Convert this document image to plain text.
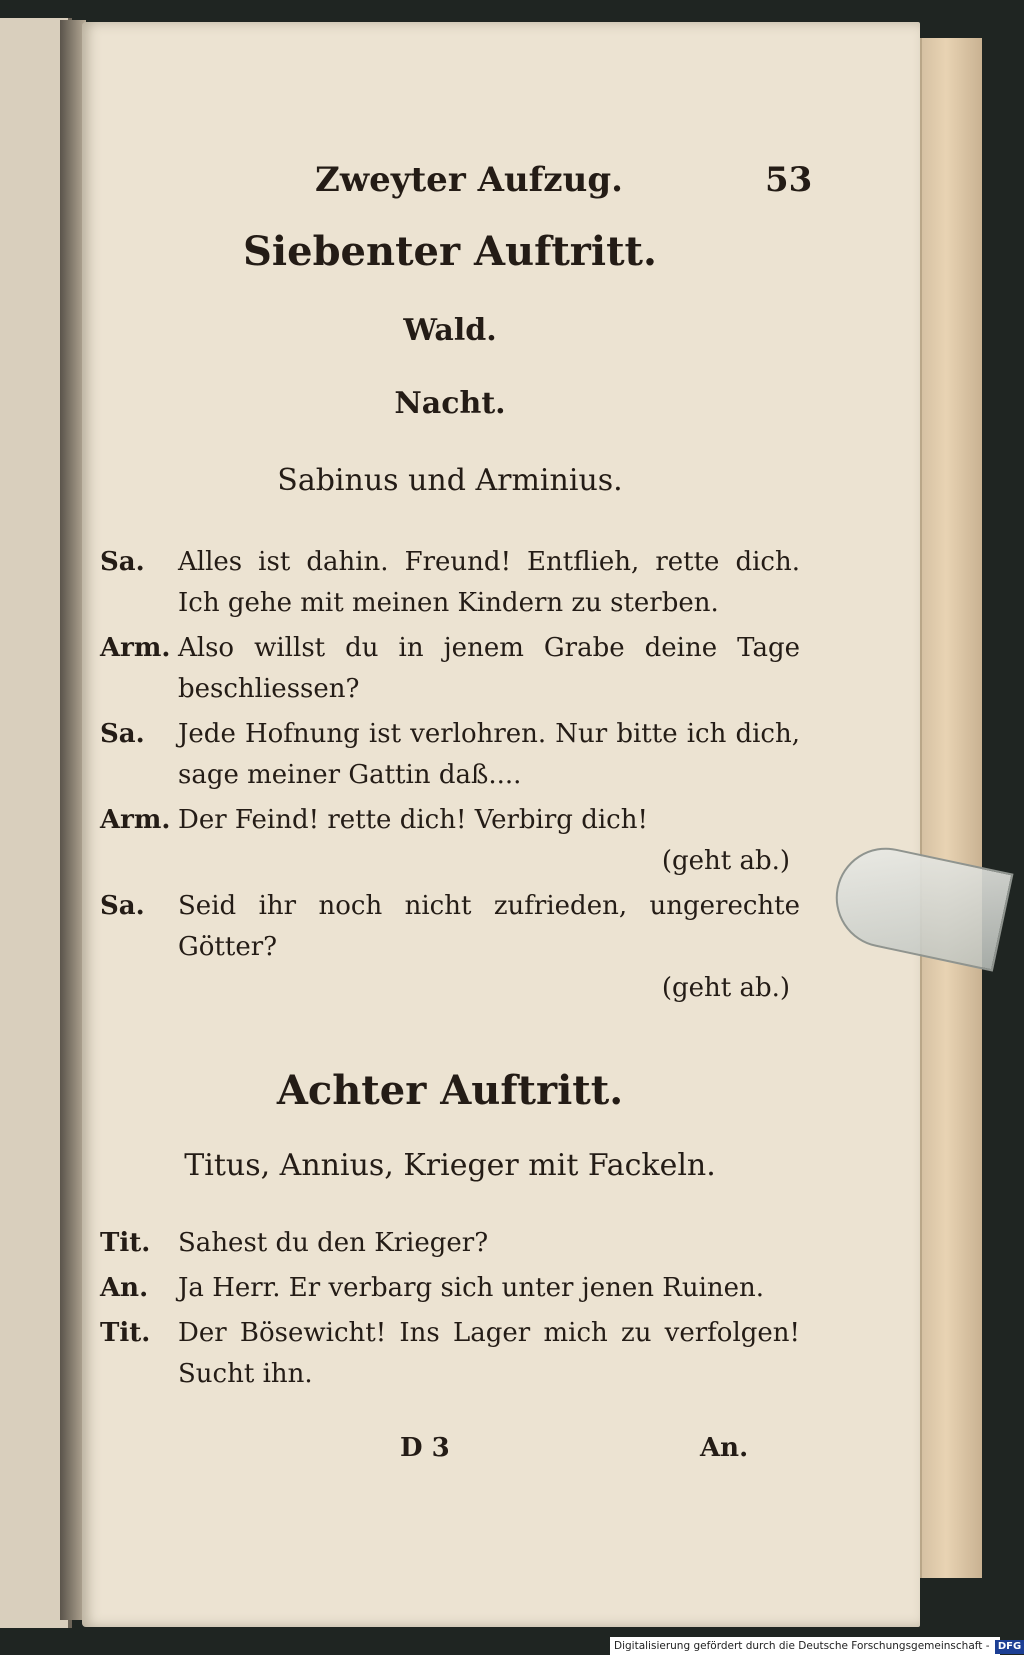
Zweyter Aufzug.	53
Siebenter Auftritt.
Wald.
Nacht.
Sabinus und Arminius.
Sa. Alles ist dahin. Freund! Entflieh, rette dich. Ich gehe mit meinen Kindern zu sterben.
Arm. Also willst du in jenem Grabe deine Tage beschliessen?
Sa. Jede Hofnung ist verlohren. Nur bitte ich dich, sage meiner Gattin daß....
Arm. Der Feind! rette dich! Verbirg dich!
(geht ab.)
Sa. Seid ihr noch nicht zufrieden, ungerechte Götter?
(geht ab.)
Achter Auftritt.
Titus, Annius, Krieger mit Fackeln.
Tit. Sahest du den Krieger?
An. Ja Herr. Er verbarg sich unter jenen Ruinen.
Tit. Der Bösewicht! Ins Lager mich zu verfolgen! Sucht ihn.
D 3	An.
Digitalisierung gefördert durch die Deutsche Forschungsgemeinschaft - DFG
